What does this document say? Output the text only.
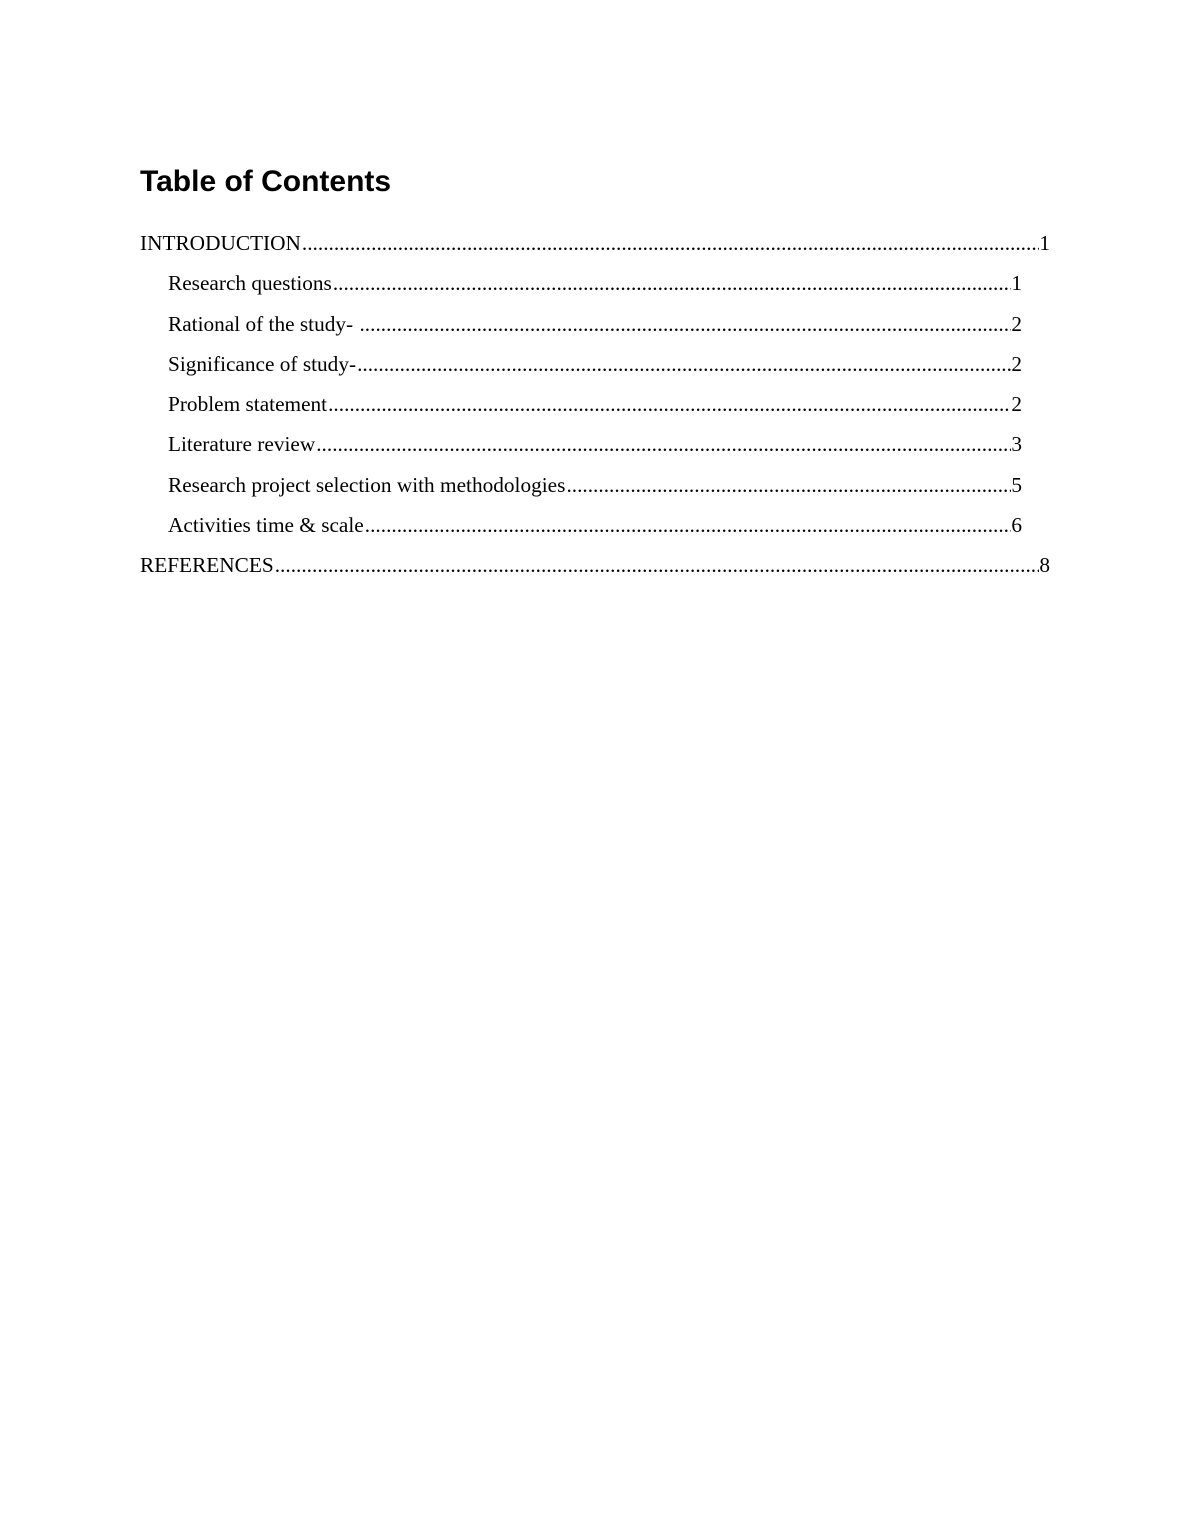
Table of Contents
INTRODUCTION .....	1
Research questions .....	1
Rational of the study- .....	2
Significance of study- .....	2
Problem statement .....	2
Literature review .....	3
Research project selection with methodologies .....	5
Activities time & scale .....	6
REFERENCES .....	8
